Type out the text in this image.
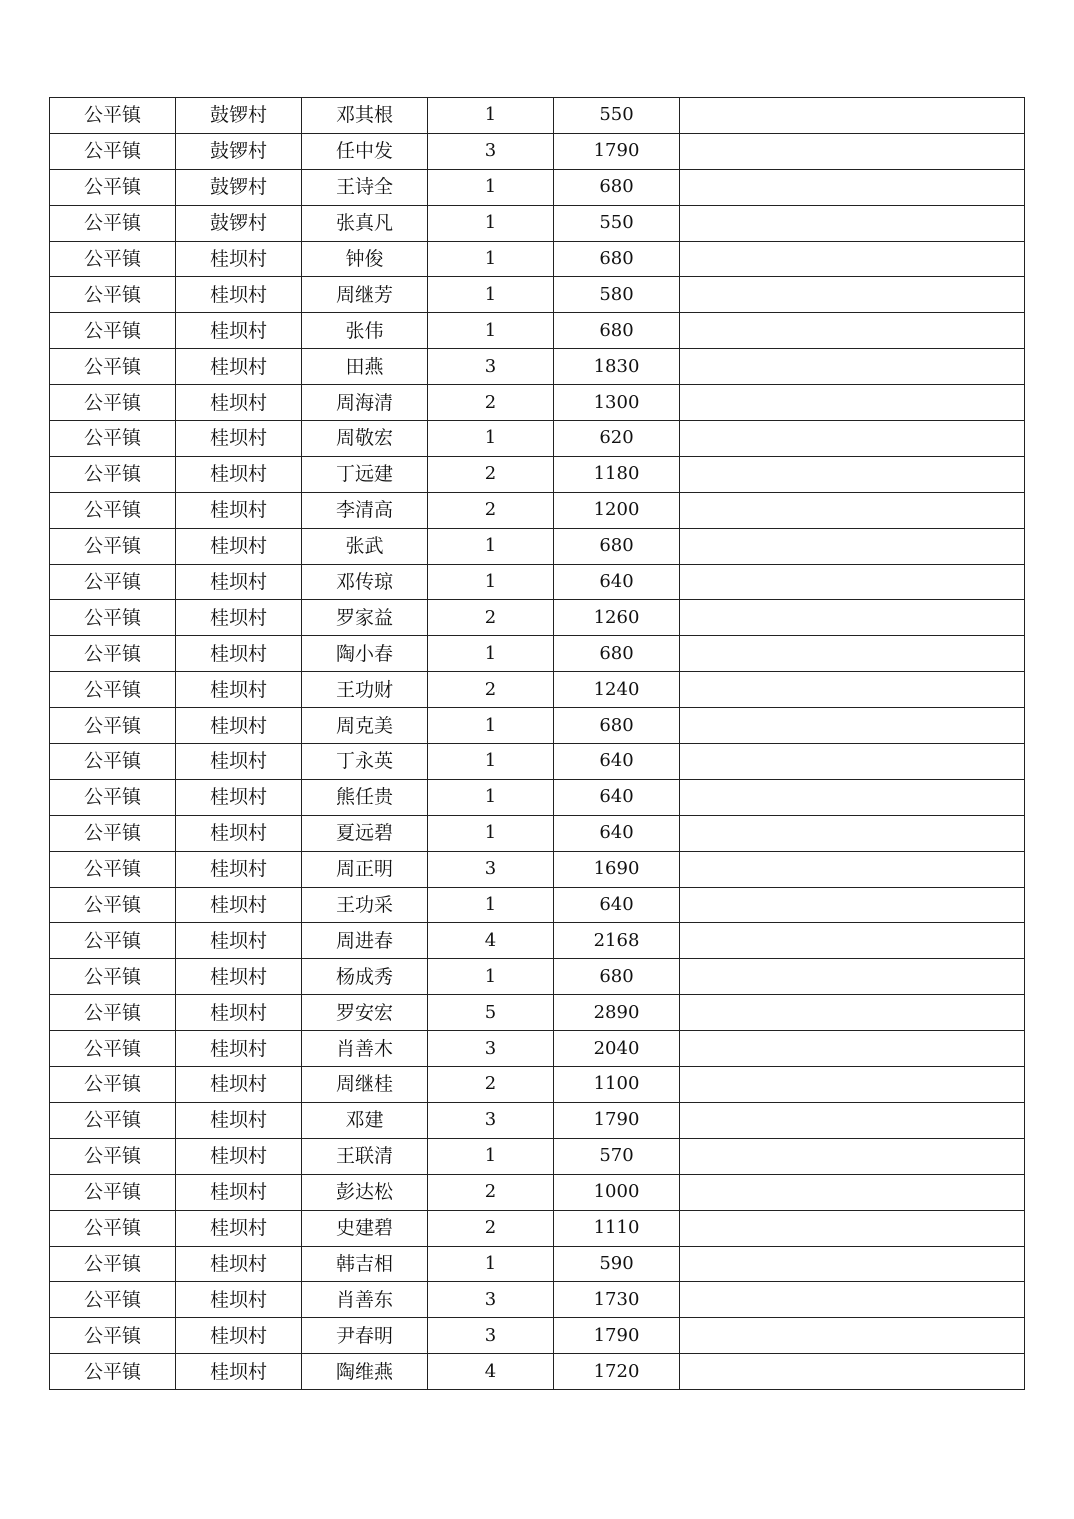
公平镇	鼓锣村	邓其根	1	550	
公平镇	鼓锣村	任中发	3	1790	
公平镇	鼓锣村	王诗全	1	680	
公平镇	鼓锣村	张真凡	1	550	
公平镇	桂坝村	钟俊	1	680	
公平镇	桂坝村	周继芳	1	580	
公平镇	桂坝村	张伟	1	680	
公平镇	桂坝村	田燕	3	1830	
公平镇	桂坝村	周海清	2	1300	
公平镇	桂坝村	周敬宏	1	620	
公平镇	桂坝村	丁远建	2	1180	
公平镇	桂坝村	李清高	2	1200	
公平镇	桂坝村	张武	1	680	
公平镇	桂坝村	邓传琼	1	640	
公平镇	桂坝村	罗家益	2	1260	
公平镇	桂坝村	陶小春	1	680	
公平镇	桂坝村	王功财	2	1240	
公平镇	桂坝村	周克美	1	680	
公平镇	桂坝村	丁永英	1	640	
公平镇	桂坝村	熊任贵	1	640	
公平镇	桂坝村	夏远碧	1	640	
公平镇	桂坝村	周正明	3	1690	
公平镇	桂坝村	王功采	1	640	
公平镇	桂坝村	周进春	4	2168	
公平镇	桂坝村	杨成秀	1	680	
公平镇	桂坝村	罗安宏	5	2890	
公平镇	桂坝村	肖善木	3	2040	
公平镇	桂坝村	周继桂	2	1100	
公平镇	桂坝村	邓建	3	1790	
公平镇	桂坝村	王联清	1	570	
公平镇	桂坝村	彭达松	2	1000	
公平镇	桂坝村	史建碧	2	1110	
公平镇	桂坝村	韩吉相	1	590	
公平镇	桂坝村	肖善东	3	1730	
公平镇	桂坝村	尹春明	3	1790	
公平镇	桂坝村	陶维燕	4	1720	
